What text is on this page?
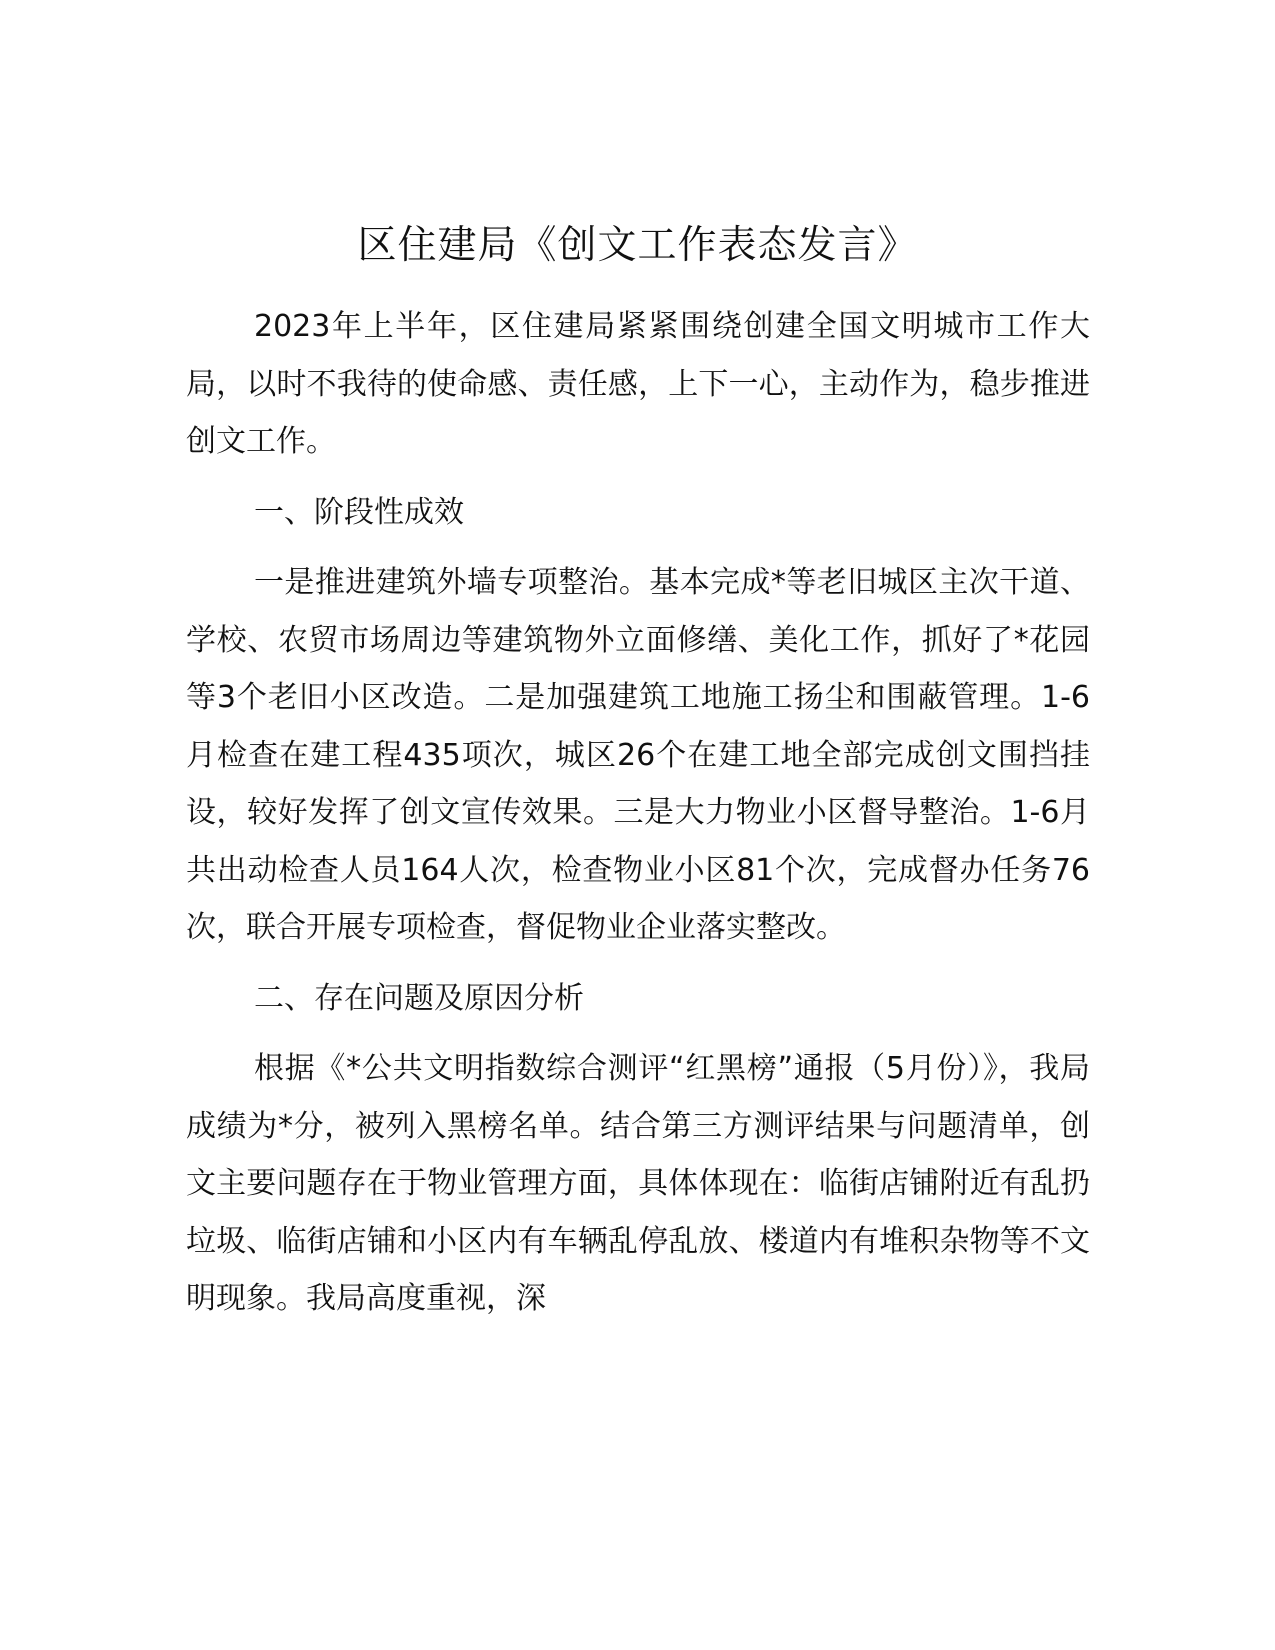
区住建局《创文工作表态发言》

2023年上半年，区住建局紧紧围绕创建全国文明城市工作大局，以时不我待的使命感、责任感，上下一心，主动作为，稳步推进创文工作。

一、阶段性成效

一是推进建筑外墙专项整治。基本完成*等老旧城区主次干道、学校、农贸市场周边等建筑物外立面修缮、美化工作，抓好了*花园等3个老旧小区改造。二是加强建筑工地施工扬尘和围蔽管理。1-6月检查在建工程435项次，城区26个在建工地全部完成创文围挡挂设，较好发挥了创文宣传效果。三是大力物业小区督导整治。1-6月共出动检查人员164人次，检查物业小区81个次，完成督办任务76次，联合开展专项检查，督促物业企业落实整改。

二、存在问题及原因分析

根据《*公共文明指数综合测评“红黑榜”通报（5月份）》，我局成绩为*分，被列入黑榜名单。结合第三方测评结果与问题清单，创文主要问题存在于物业管理方面，具体体现在：临街店铺附近有乱扔垃圾、临街店铺和小区内有车辆乱停乱放、楼道内有堆积杂物等不文明现象。我局高度重视，深
